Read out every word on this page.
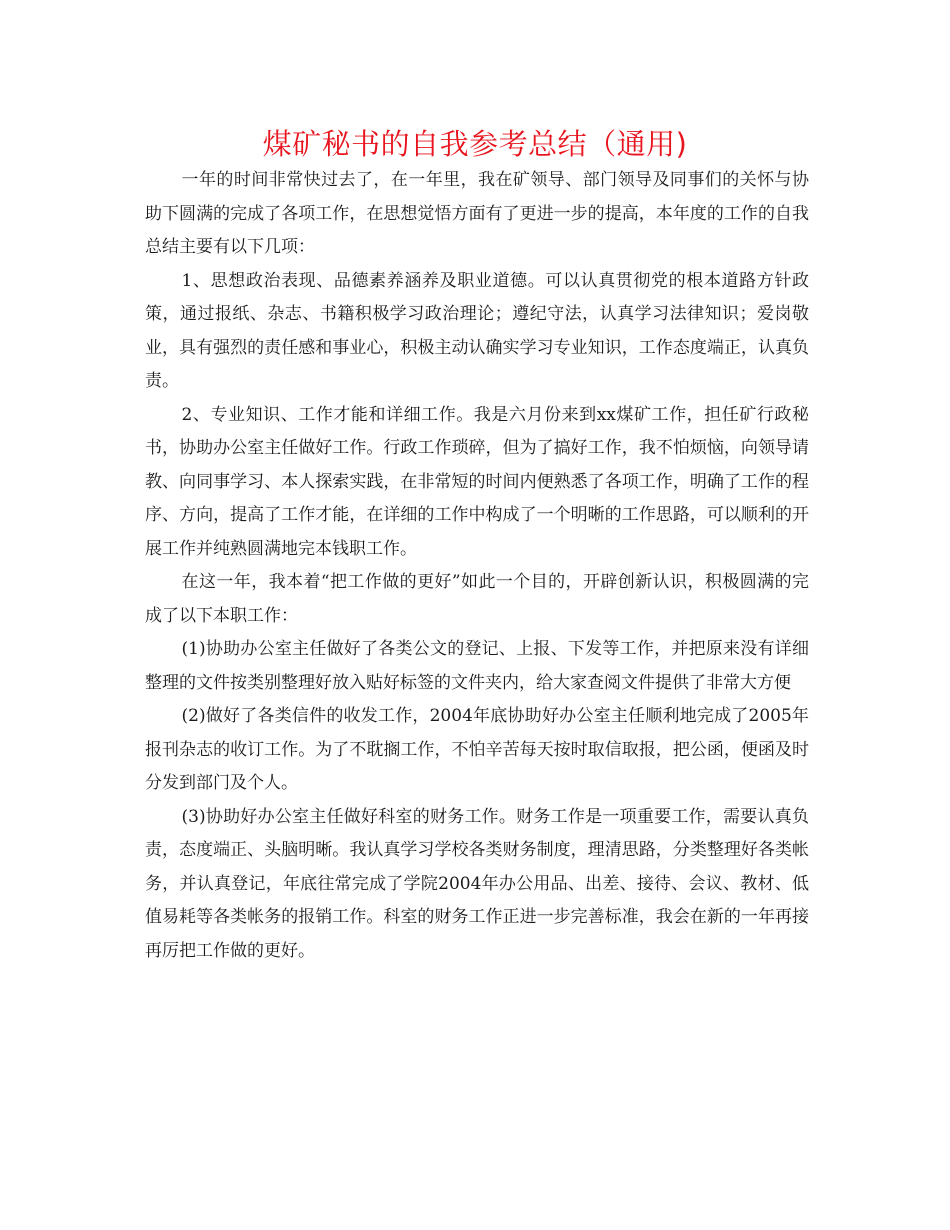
煤矿秘书的自我参考总结（通用)

一年的时间非常快过去了，在一年里，我在矿领导、部门领导及同事们的关怀与协助下圆满的完成了各项工作，在思想觉悟方面有了更进一步的提高，本年度的工作的自我总结主要有以下几项：

1、思想政治表现、品德素养涵养及职业道德。可以认真贯彻党的根本道路方针政策，通过报纸、杂志、书籍积极学习政治理论；遵纪守法，认真学习法律知识；爱岗敬业，具有强烈的责任感和事业心，积极主动认确实学习专业知识，工作态度端正，认真负责。

2、专业知识、工作才能和详细工作。我是六月份来到xx煤矿工作，担任矿行政秘书，协助办公室主任做好工作。行政工作琐碎，但为了搞好工作，我不怕烦恼，向领导请教、向同事学习、本人探索实践，在非常短的时间内便熟悉了各项工作，明确了工作的程序、方向，提高了工作才能，在详细的工作中构成了一个明晰的工作思路，可以顺利的开展工作并纯熟圆满地完本钱职工作。

在这一年，我本着“把工作做的更好”如此一个目的，开辟创新认识，积极圆满的完成了以下本职工作：

(1)协助办公室主任做好了各类公文的登记、上报、下发等工作，并把原来没有详细整理的文件按类别整理好放入贴好标签的文件夹内，给大家查阅文件提供了非常大方便

(2)做好了各类信件的收发工作，2004年底协助好办公室主任顺利地完成了2005年报刊杂志的收订工作。为了不耽搁工作，不怕辛苦每天按时取信取报，把公函，便函及时分发到部门及个人。

(3)协助好办公室主任做好科室的财务工作。财务工作是一项重要工作，需要认真负责，态度端正、头脑明晰。我认真学习学校各类财务制度，理清思路，分类整理好各类帐务，并认真登记，年底往常完成了学院2004年办公用品、出差、接待、会议、教材、低值易耗等各类帐务的报销工作。科室的财务工作正进一步完善标准，我会在新的一年再接再厉把工作做的更好。
